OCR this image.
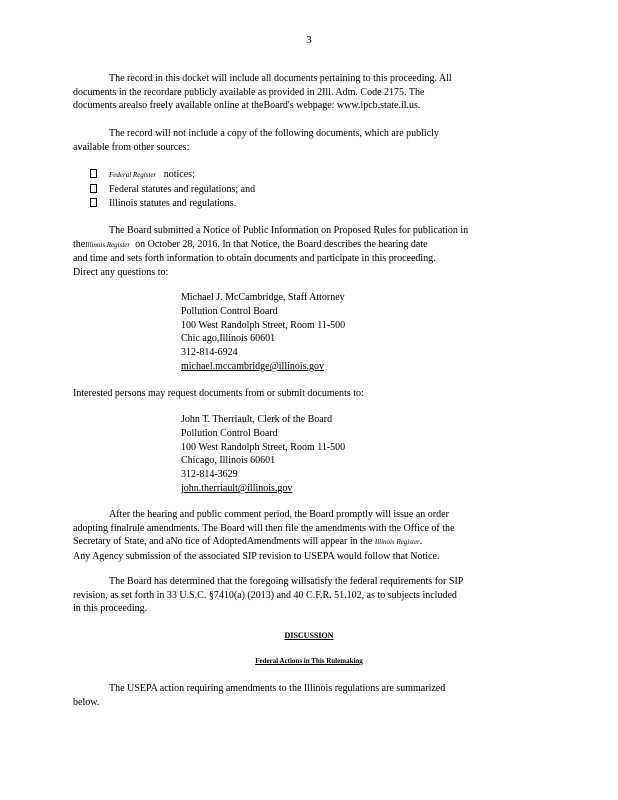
3
The record in this docket will include all documents pertaining to this proceeding. All
documents in the recordare publicly available as provided in 2Ill. Adm. Code 2175. The
documents arealso freely available online at theBoard's webpage: www.ipcb.state.il.us.
The record will not include a copy of the following documents, which are publicly
available from other sources:
Federal Register notices;
Federal statutes and regulations; and
Illinois statutes and regulations.
The Board submitted a Notice of Public Information on Proposed Rules for publication in
theIllinois Register on October 28, 2016. In that Notice, the Board describes the hearing date
and time and sets forth information to obtain documents and participate in this proceeding.
Direct any questions to:
Michael J. McCambridge, Staff Attorney
Pollution Control Board
100 West Randolph Street, Room 11-500
Chic ago,Illinois 60601
312-814-6924
michael.mccambridge@illinois.gov
Interested persons may request documents from or submit documents to:
John T. Therriault, Clerk of the Board
Pollution Control Board
100 West Randolph Street, Room 11-500
Chicago, Illinois 60601
312-814-3629
john.therriault@illinois.gov
After the hearing and public comment period, the Board promptly will issue an order
adopting finalrule amendments. The Board will then file the amendments with the Office of the
Secretary of State, and aNo tice of AdoptedAmendments will appear in the Illinois Register.
Any Agency submission of the associated SIP revision to USEPA would follow that Notice.
The Board has determined that the foregoing willsatisfy the federal requirements for SIP
revision, as set forth in 33 U.S.C. §7410(a) (2013) and 40 C.F.R. 51.102, as to subjects included
in this proceeding.
DISCUSSION
Federal Actions in This Rulemaking
The USEPA action requiring amendments to the Illinois regulations are summarized
below.
